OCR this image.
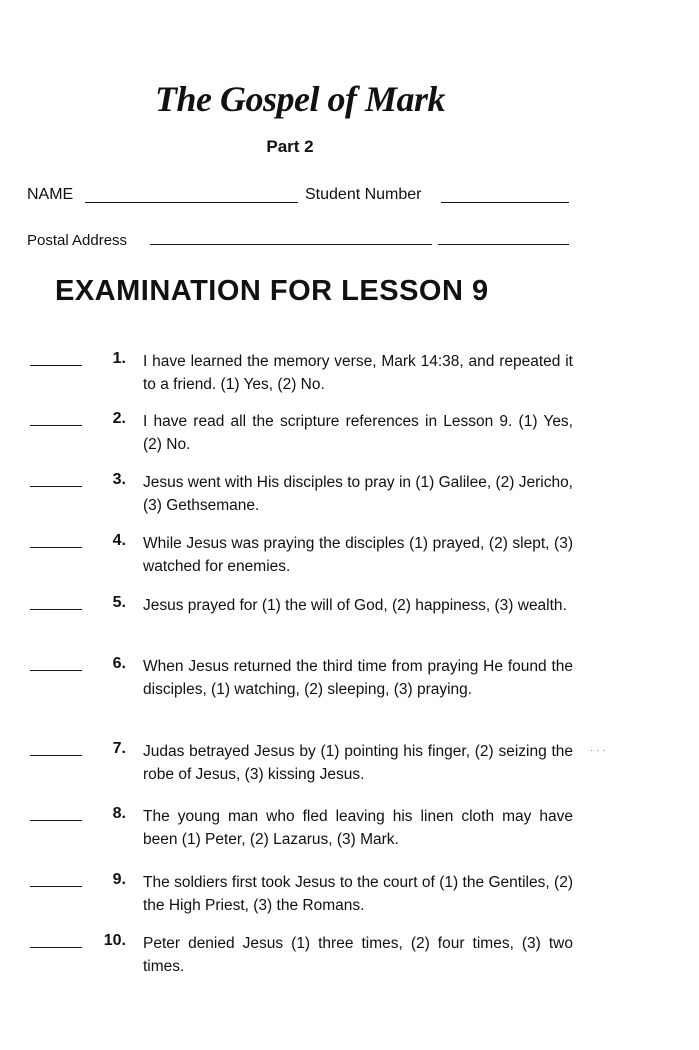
The Gospel of Mark
Part 2
NAME	Student Number
Postal Address
EXAMINATION FOR LESSON 9
1. I have learned the memory verse, Mark 14:38, and repeated it to a friend. (1) Yes, (2) No.
2. I have read all the scripture references in Lesson 9. (1) Yes, (2) No.
3. Jesus went with His disciples to pray in (1) Galilee, (2) Jericho, (3) Gethsemane.
4. While Jesus was praying the disciples (1) prayed, (2) slept, (3) watched for enemies.
5. Jesus prayed for (1) the will of God, (2) happiness, (3) wealth.
6. When Jesus returned the third time from praying He found the disciples, (1) watching, (2) sleeping, (3) praying.
7. Judas betrayed Jesus by (1) pointing his finger, (2) seizing the robe of Jesus, (3) kissing Jesus.
8. The young man who fled leaving his linen cloth may have been (1) Peter, (2) Lazarus, (3) Mark.
9. The soldiers first took Jesus to the court of (1) the Gentiles, (2) the High Priest, (3) the Romans.
10. Peter denied Jesus (1) three times, (2) four times, (3) two times.
· · ·
